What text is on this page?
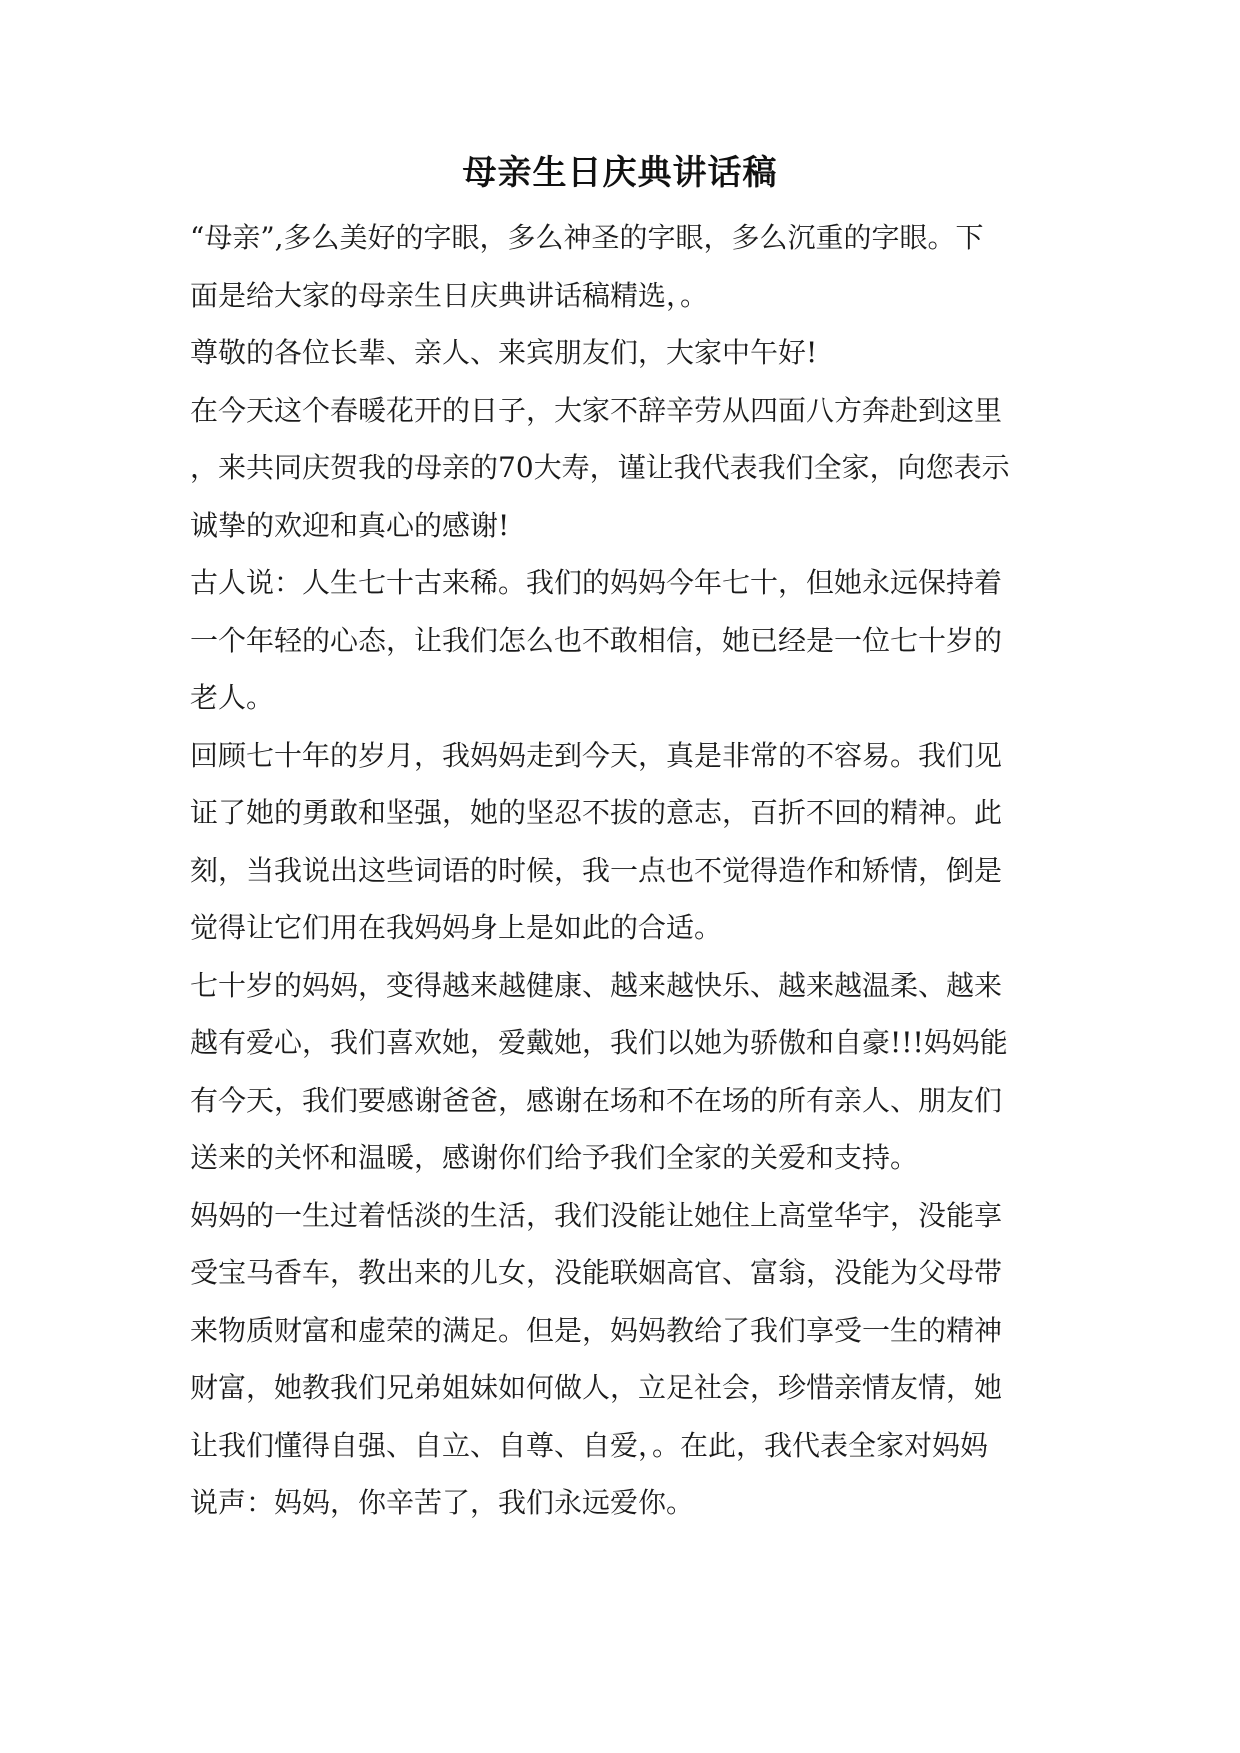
母亲生日庆典讲话稿
“母亲”,多么美好的字眼，多么神圣的字眼，多么沉重的字眼。下
面是给大家的母亲生日庆典讲话稿精选，。
尊敬的各位长辈、亲人、来宾朋友们，大家中午好!
在今天这个春暖花开的日子，大家不辞辛劳从四面八方奔赴到这里
，来共同庆贺我的母亲的70大寿，谨让我代表我们全家，向您表示
诚挚的欢迎和真心的感谢!
古人说：人生七十古来稀。我们的妈妈今年七十，但她永远保持着
一个年轻的心态，让我们怎么也不敢相信，她已经是一位七十岁的
老人。
回顾七十年的岁月，我妈妈走到今天，真是非常的不容易。我们见
证了她的勇敢和坚强，她的坚忍不拔的意志，百折不回的精神。此
刻，当我说出这些词语的时候，我一点也不觉得造作和矫情，倒是
觉得让它们用在我妈妈身上是如此的合适。
七十岁的妈妈，变得越来越健康、越来越快乐、越来越温柔、越来
越有爱心，我们喜欢她，爱戴她，我们以她为骄傲和自豪!!!妈妈能
有今天，我们要感谢爸爸，感谢在场和不在场的所有亲人、朋友们
送来的关怀和温暖，感谢你们给予我们全家的关爱和支持。
妈妈的一生过着恬淡的生活，我们没能让她住上高堂华宇，没能享
受宝马香车，教出来的儿女，没能联姻高官、富翁，没能为父母带
来物质财富和虚荣的满足。但是，妈妈教给了我们享受一生的精神
财富，她教我们兄弟姐妹如何做人，立足社会，珍惜亲情友情，她
让我们懂得自强、自立、自尊、自爱，。在此，我代表全家对妈妈
说声：妈妈，你辛苦了，我们永远爱你。
